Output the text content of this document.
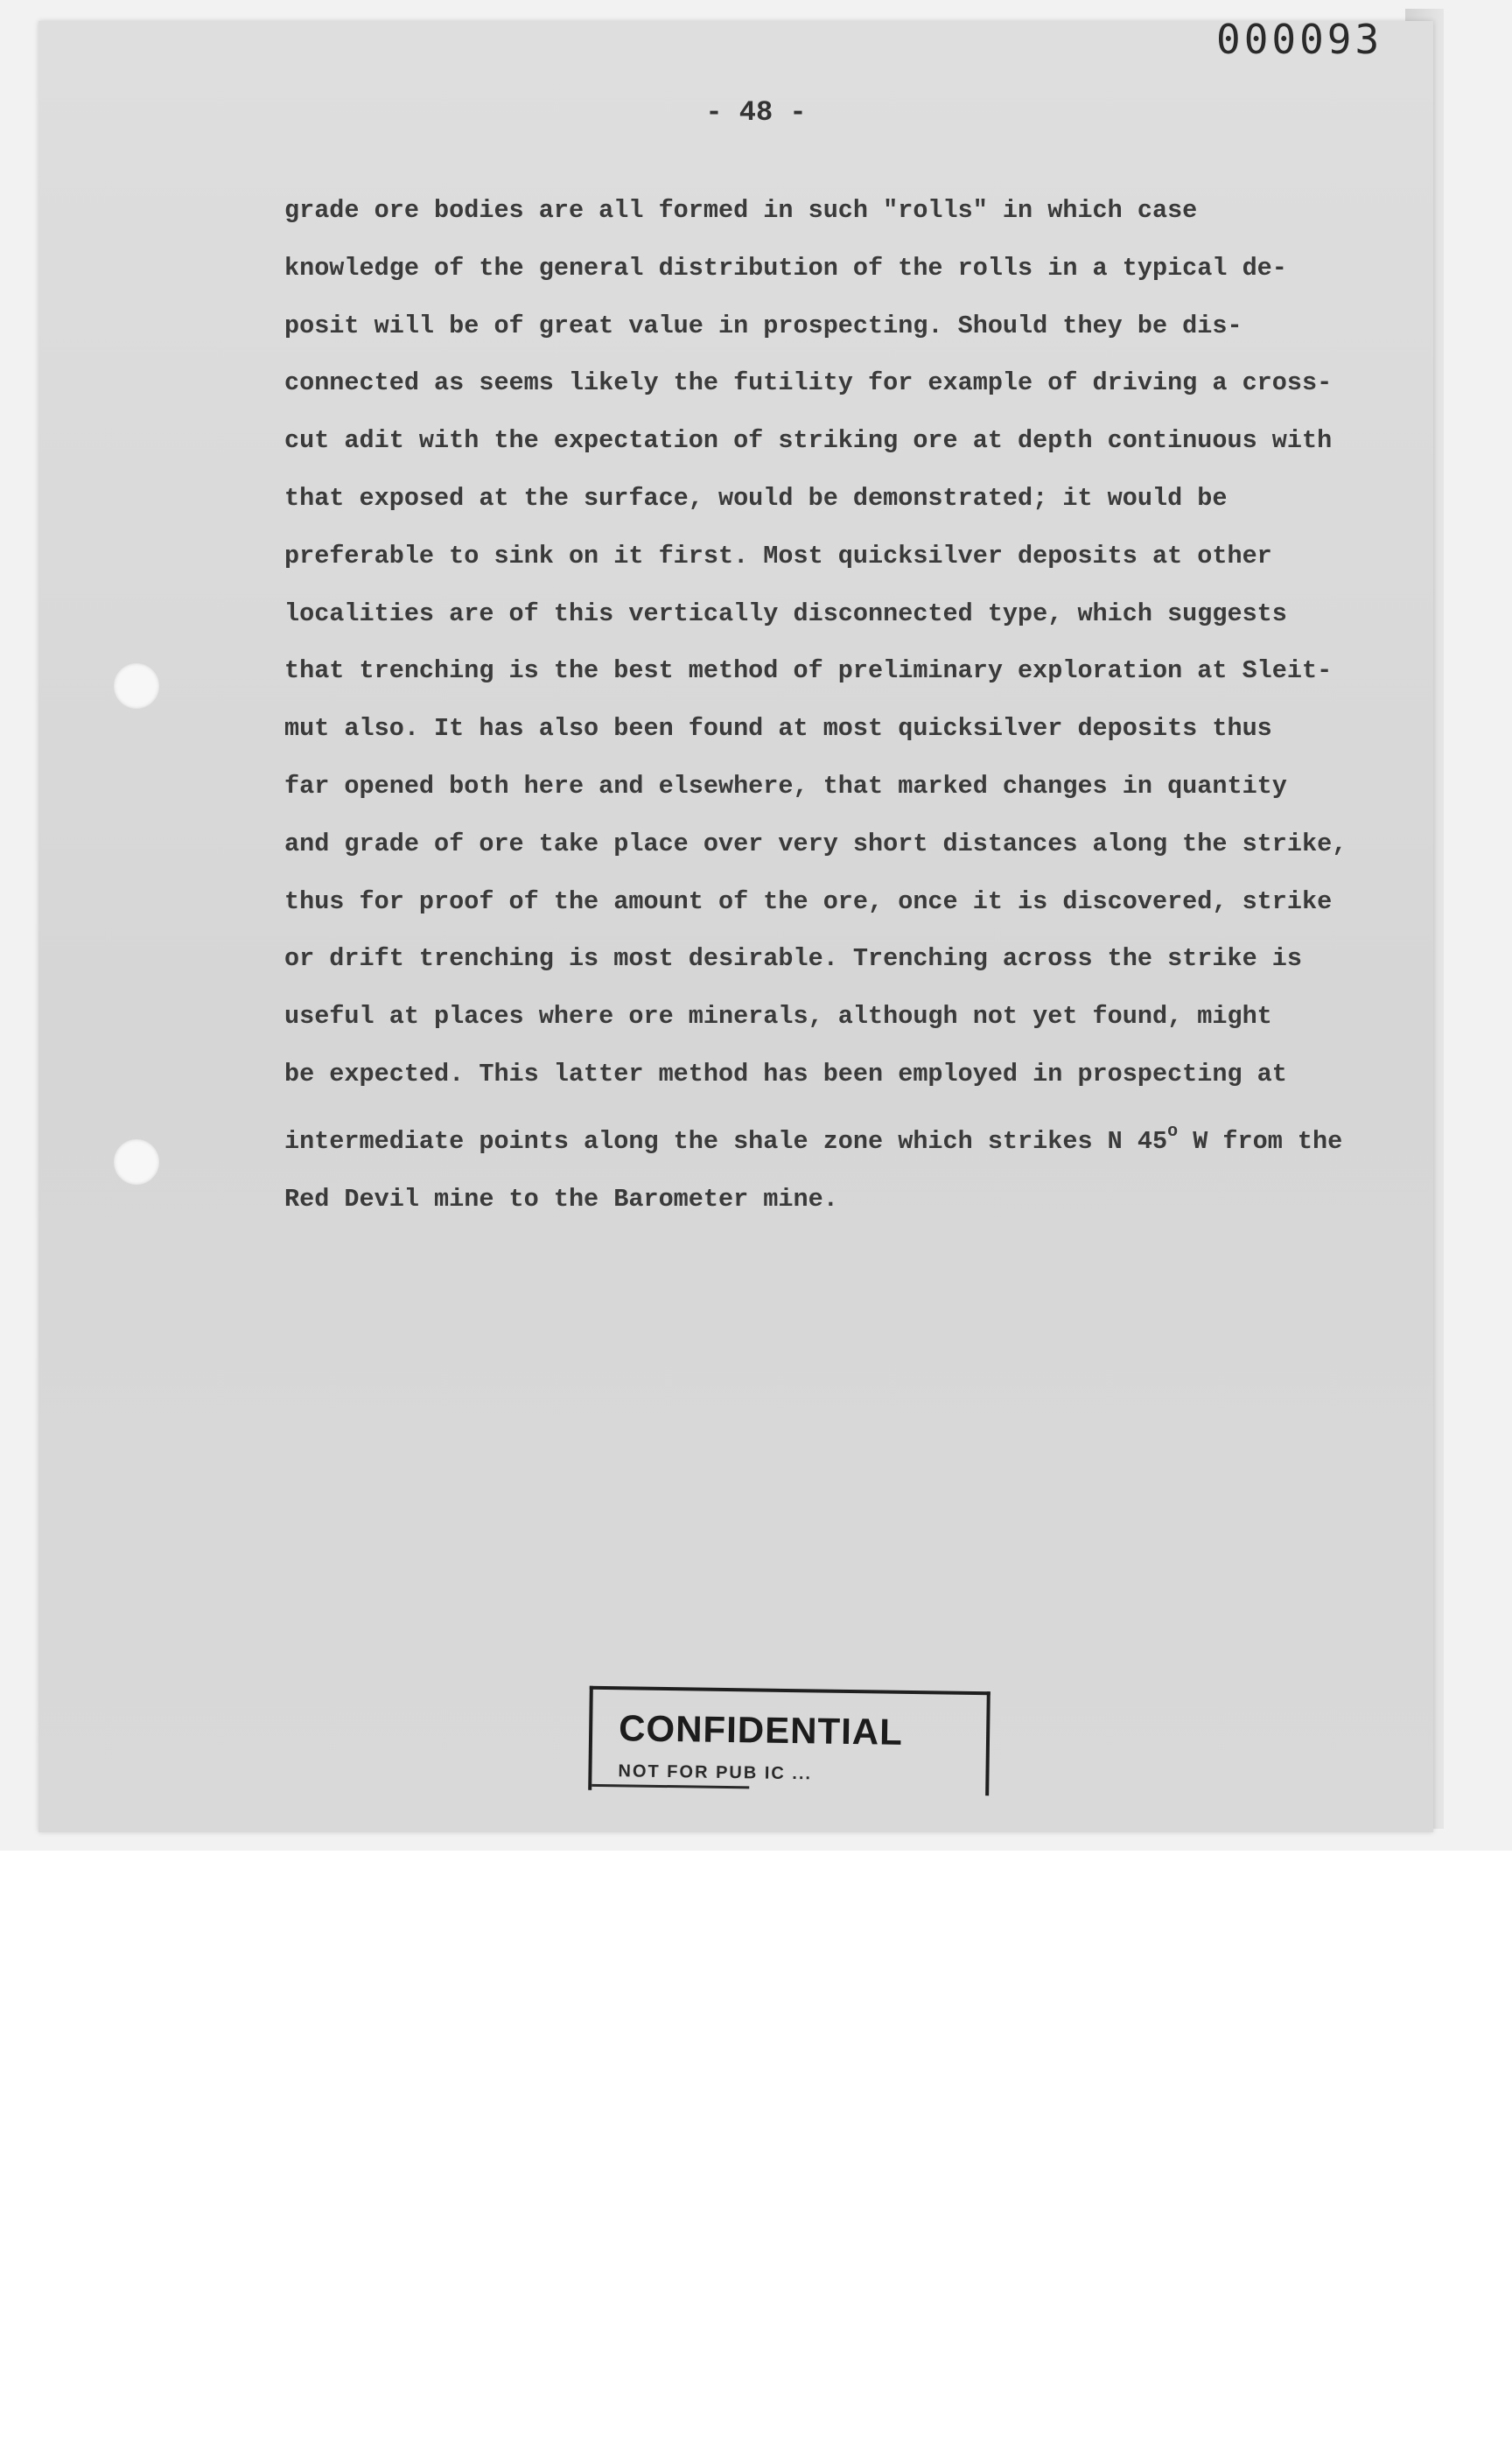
000093
- 48 -
grade ore bodies are all formed in such "rolls" in which case
knowledge of the general distribution of the rolls in a typical de-
posit will be of great value in prospecting. Should they be dis-
connected as seems likely the futility for example of driving a cross-
cut adit with the expectation of striking ore at depth continuous with
that exposed at the surface, would be demonstrated; it would be
preferable to sink on it first. Most quicksilver deposits at other
localities are of this vertically disconnected type, which suggests
that trenching is the best method of preliminary exploration at Sleit-
mut also. It has also been found at most quicksilver deposits thus
far opened both here and elsewhere, that marked changes in quantity
and grade of ore take place over very short distances along the strike,
thus for proof of the amount of the ore, once it is discovered, strike
or drift trenching is most desirable. Trenching across the strike is
useful at places where ore minerals, although not yet found, might
be expected. This latter method has been employed in prospecting at
intermediate points along the shale zone which strikes N 45$^o$ W from the
Red Devil mine to the Barometer mine.
CONFIDENTIAL
NOT FOR PUB IC ...
